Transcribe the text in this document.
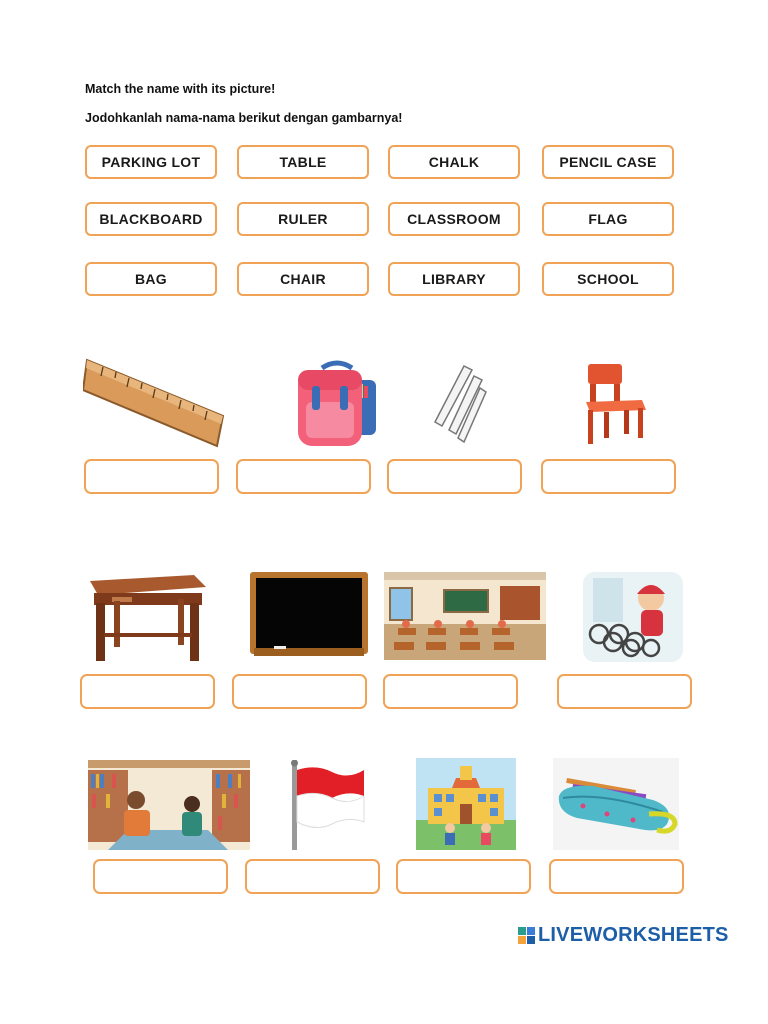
Match the name with its picture!
Jodohkanlah nama-nama berikut dengan gambarnya!
PARKING LOT	TABLE	CHALK	PENCIL CASE
BLACKBOARD	RULER	CLASSROOM	FLAG
BAG	CHAIR	LIBRARY	SCHOOL
LIVEWORKSHEETS
